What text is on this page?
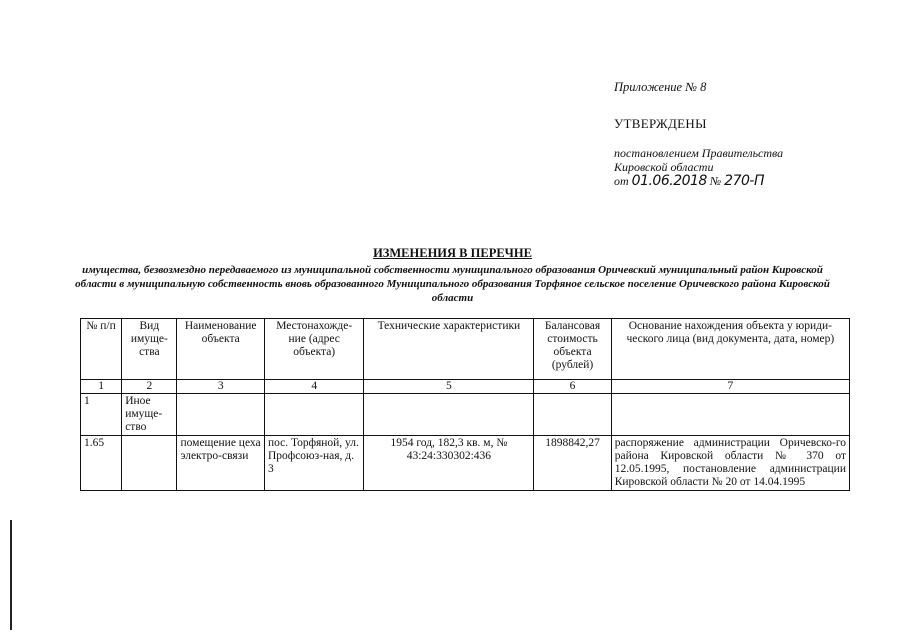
Приложение № 8
УТВЕРЖДЕНЫ
постановлением Правительства
Кировской области
от 01.06.2018 № 270-П
ИЗМЕНЕНИЯ В ПЕРЕЧНЕ
имущества, безвозмездно передаваемого из муниципальной собственности муниципального образования Оричевский муниципальный район Кировской области в муниципальную собственность вновь образованного Муниципального образования Торфяное сельское поселение Оричевского района Кировской области
№ п/п	Вид имуще-ства	Наименование объекта	Местонахожде-ние (адрес объекта)	Технические характеристики	Балансовая стоимость объекта (рублей)	Основание нахождения объекта у юриди-ческого лица (вид документа, дата, номер)
1	2	3	4	5	6	7
1	Иное имуще-ство					
1.65		помещение цеха электро-связи	пос. Торфяной, ул. Профсоюз-ная, д. 3	1954 год, 182,3 кв. м, № 43:24:330302:436	1898842,27	распоряжение администрации Оричевско-го района Кировской области № 370 от 12.05.1995, постановление администрации Кировской области № 20 от 14.04.1995
